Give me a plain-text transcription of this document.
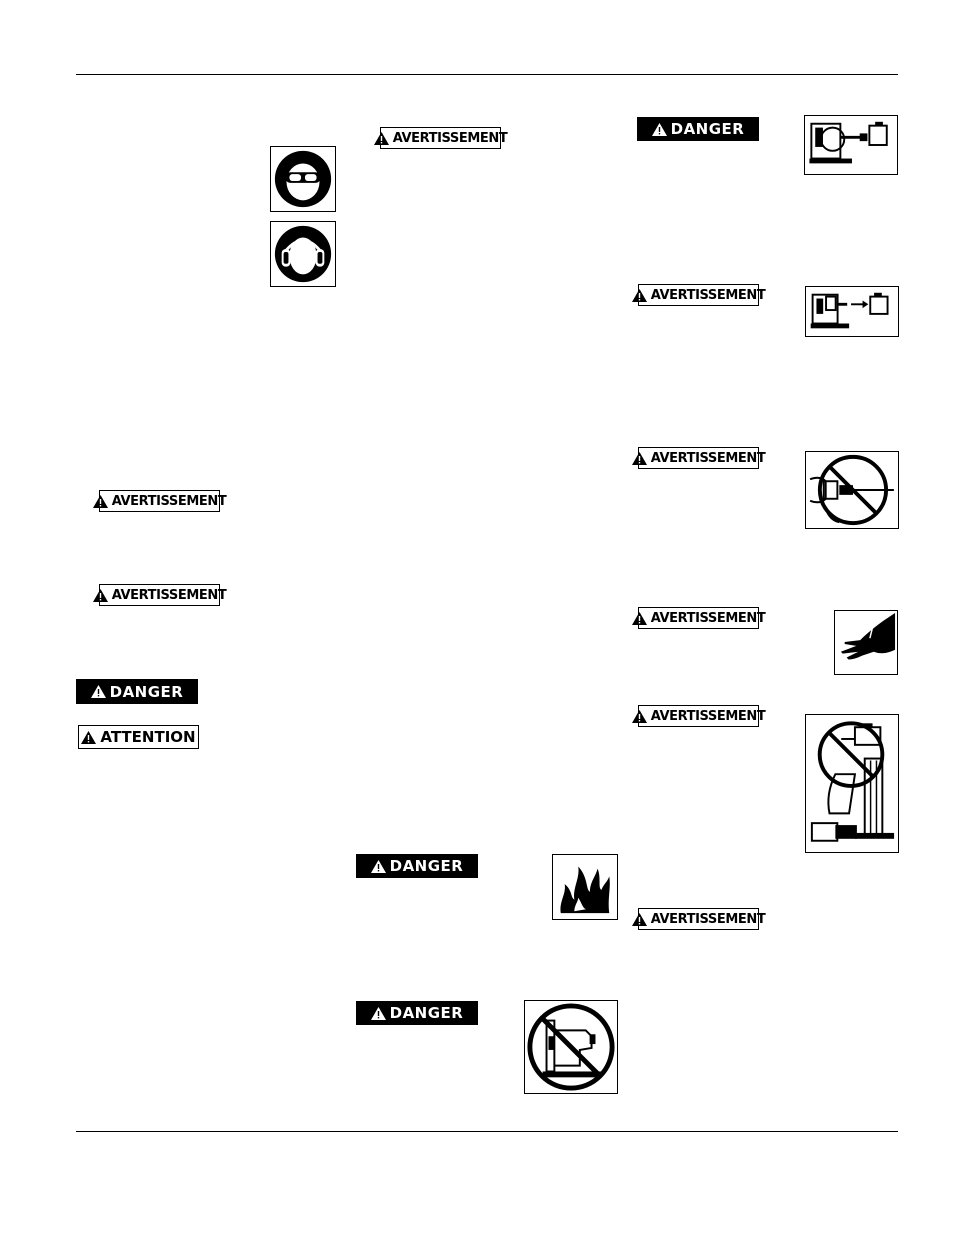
AVERTISSEMENT
AVERTISSEMENT
DANGER
ATTENTION
AVERTISSEMENT
DANGER
DANGER
DANGER
AVERTISSEMENT
AVERTISSEMENT
AVERTISSEMENT
AVERTISSEMENT
AVERTISSEMENT
